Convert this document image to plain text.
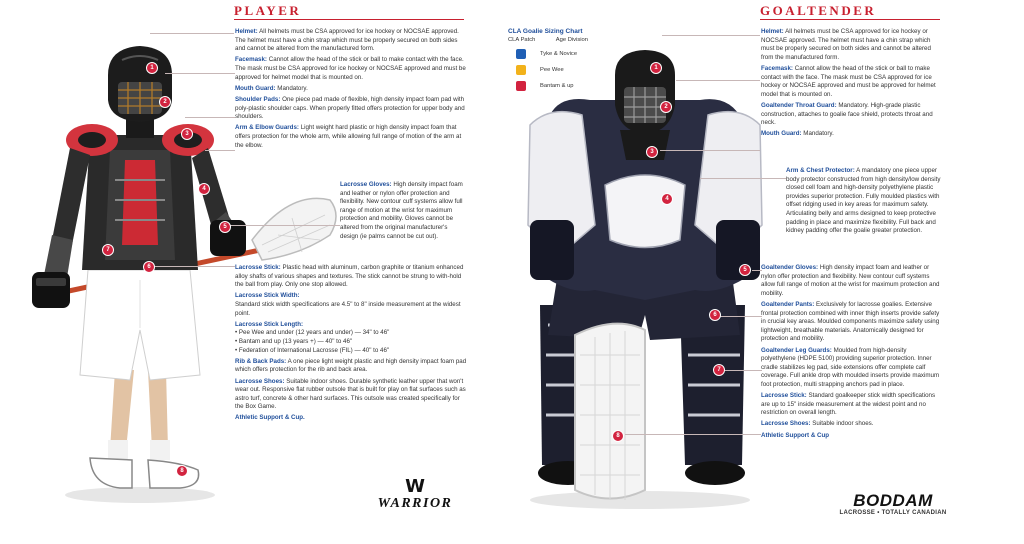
1
2
3
4
5
6
7
8
PLAYER

Helmet: All helmets must be CSA approved for ice hockey or NOCSAE approved. The helmet must have a chin strap which must be properly secured on both sides and cannot be altered from the manufactured form.

Facemask: Cannot allow the head of the stick or ball to make contact with the face. The mask must be CSA approved for ice hockey or NOCSAE approved and must be approved for helmet model that is mounted on.

Mouth Guard: Mandatory.

Shoulder Pads: One piece pad made of flexible, high density impact foam pad with poly-plastic shoulder caps. When properly fitted offers protection for upper body and shoulders.

Arm & Elbow Guards: Light weight hard plastic or high density impact foam that offers protection for the whole arm, while allowing full range of motion of the arm at the elbow.

Lacrosse Gloves: High density impact foam and leather or nylon offer protection and flexibility. New contour cuff systems allow full range of motion at the wrist for maximum protection and mobility. Gloves cannot be altered from the original manufacturer's design (ie palms cannot be cut out).

Lacrosse Stick: Plastic head with aluminum, carbon graphite or titanium enhanced alloy shafts of various shapes and textures. The stick cannot be strung to with-hold the ball from play. Only one stop allowed.

Lacrosse Stick Width:
Standard stick width specifications are 4.5" to 8" inside measurement at the widest point.

Lacrosse Stick Length:
• Pee Wee and under (12 years and under) — 34" to 46"
• Bantam and up (13 years +) — 40" to 46"
• Federation of International Lacrosse (FIL) — 40" to 46"

Rib & Back Pads: A one piece light weight plastic and high density impact foam pad which offers protection for the rib and back area.

Lacrosse Shoes: Suitable indoor shoes. Durable synthetic leather upper that won't wear out. Responsive flat rubber outsole that is built for play on flat surfaces such as astro turf, concrete & other hard surfaces. This outsole was created specifically for the Box Game.

Athletic Support & Cup.

W
WARRIOR
CLA Goalie Sizing Chart
CLA Patch	Age Division
Tyke & Novice
Pee Wee
Bantam & up
1
2
3
4
5
6
7
8
GOALTENDER

Helmet: All helmets must be CSA approved for ice hockey or NOCSAE approved. The helmet must have a chin strap which must be properly secured on both sides and cannot be altered from the manufactured form.

Facemask: Cannot allow the head of the stick or ball to make contact with the face. The mask must be CSA approved for ice hockey or NOCSAE approved and must be approved for helmet model that is mounted on.

Goaltender Throat Guard: Mandatory. High-grade plastic construction, attaches to goalie face shield, protects throat and neck.

Mouth Guard: Mandatory.

Arm & Chest Protector: A mandatory one piece upper body protector constructed from high density/low density closed cell foam and high-density polyethylene plastic provides superior protection. Fully moulded plastics with offset ridging used in key areas for maximum safety. Articulating belly and arms designed to keep protective padding in place and maximize flexibility. Full back and kidney padding offer the goalie greater protection.

Goaltender Gloves: High density impact foam and leather or nylon offer protection and flexibility. New contour cuff systems allow full range of motion at the wrist for maximum protection and mobility.

Goaltender Pants: Exclusively for lacrosse goalies. Extensive frontal protection combined with inner thigh inserts provide safety in crucial key areas. Moulded components maximize safety using lightweight, breathable materials. Anatomically designed for protection and mobility.

Goaltender Leg Guards: Moulded from high-density polyethylene (HDPE 5100) providing superior protection. Inner cradle stabilizes leg pad, side extensions offer complete calf coverage. Full ankle drop with moulded inserts provide maximum foot protection, multi strapping anchors pad in place.

Lacrosse Stick: Standard goalkeeper stick width specifications are up to 15" inside measurement at the widest point and no restriction on overall length.

Lacrosse Shoes: Suitable indoor shoes.

Athletic Support & Cup

BODDAM
LACROSSE • TOTALLY CANADIAN
